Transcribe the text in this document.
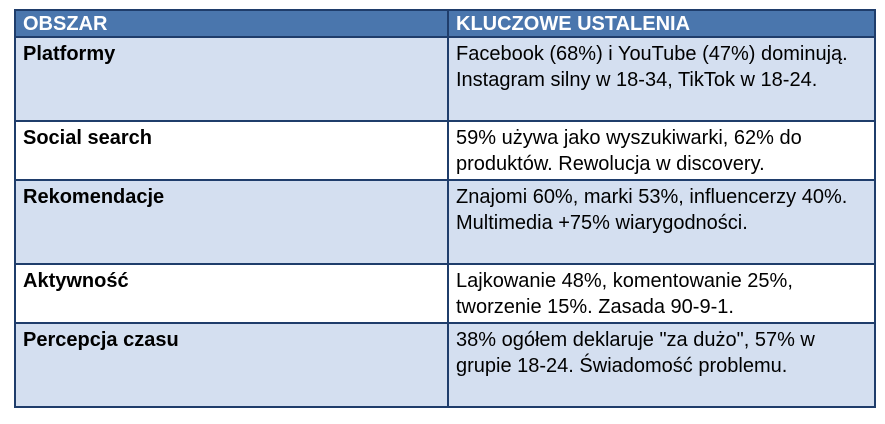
OBSZAR	KLUCZOWE USTALENIA
Platformy	Facebook (68%) i YouTube (47%) dominują. Instagram silny w 18-34, TikTok w 18-24.
Social search	59% używa jako wyszukiwarki, 62% do produktów. Rewolucja w discovery.
Rekomendacje	Znajomi 60%, marki 53%, influencerzy 40%. Multimedia +75% wiarygodności.
Aktywność	Lajkowanie 48%, komentowanie 25%, tworzenie 15%. Zasada 90-9-1.
Percepcja czasu	38% ogółem deklaruje "za dużo", 57% w grupie 18-24. Świadomość problemu.
